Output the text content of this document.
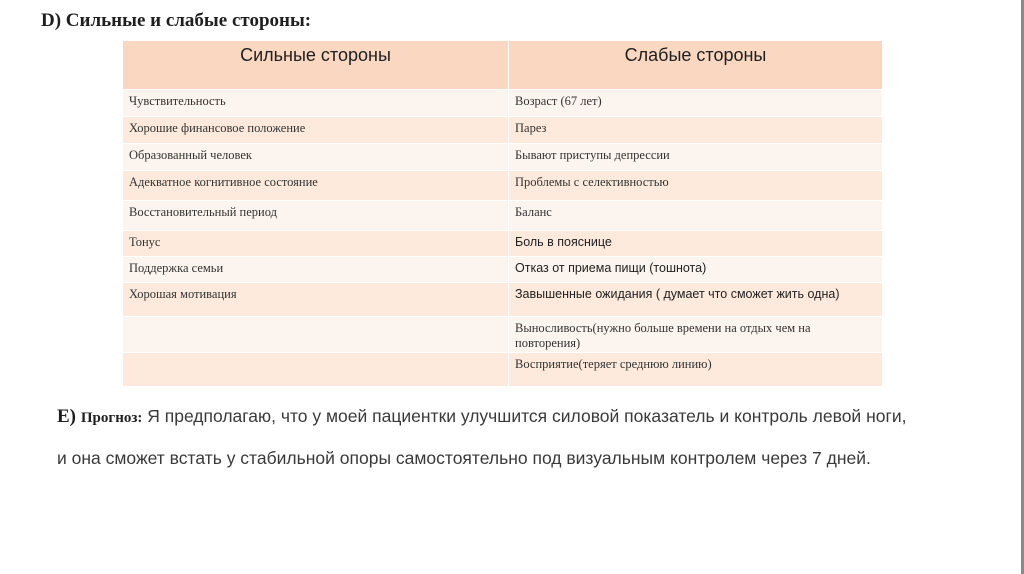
D) Сильные и слабые стороны:
Сильные стороны	Слабые стороны
Чувствительность	Возраст (67 лет)
Хорошие финансовое положение	Парез
Образованный человек	Бывают приступы депрессии
Адекватное когнитивное состояние	Проблемы с селективностью
Восстановительный период	Баланс
Тонус	Боль в пояснице
Поддержка семьи	Отказ от приема пищи (тошнота)
Хорошая мотивация	Завышенные ожидания ( думает что сможет жить одна)
	Выносливость(нужно больше времени на отдых чем на повторения)
	Восприятие(теряет среднюю линию)
E) Прогноз: Я предполагаю, что у моей пациентки улучшится силовой показатель и контроль левой ноги, и она сможет встать у стабильной опоры самостоятельно под визуальным контролем через 7 дней.
